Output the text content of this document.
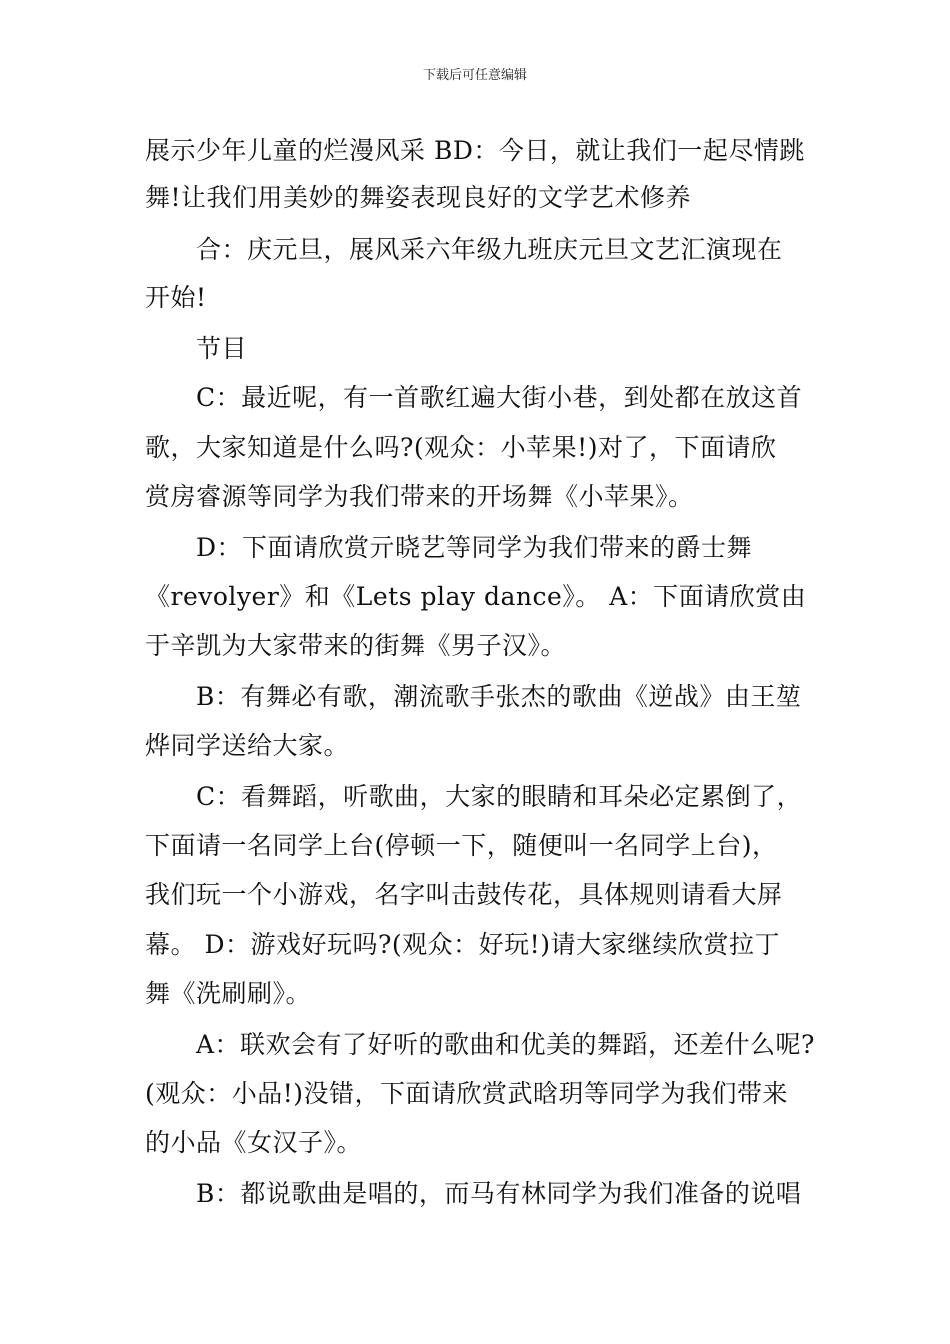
下载后可任意编辑
展示少年儿童的烂漫风采 BD：今日，就让我们一起尽情跳
舞!让我们用美妙的舞姿表现良好的文学艺术修养
合：庆元旦，展风采六年级九班庆元旦文艺汇演现在
开始!
节目
C：最近呢，有一首歌红遍大街小巷，到处都在放这首
歌，大家知道是什么吗?(观众：小苹果!)对了，下面请欣
赏房睿源等同学为我们带来的开场舞《小苹果》。
D：下面请欣赏亓晓艺等同学为我们带来的爵士舞
《revolyer》和《Lets play dance》。 A：下面请欣赏由
于辛凯为大家带来的街舞《男子汉》。
B：有舞必有歌，潮流歌手张杰的歌曲《逆战》由王堃
烨同学送给大家。
C：看舞蹈，听歌曲，大家的眼睛和耳朵必定累倒了，
下面请一名同学上台(停顿一下，随便叫一名同学上台)，
我们玩一个小游戏，名字叫击鼓传花，具体规则请看大屏
幕。 D：游戏好玩吗?(观众：好玩!)请大家继续欣赏拉丁
舞《洗刷刷》。
A：联欢会有了好听的歌曲和优美的舞蹈，还差什么呢?
(观众：小品!)没错，下面请欣赏武晗玥等同学为我们带来
的小品《女汉子》。
B：都说歌曲是唱的，而马有林同学为我们准备的说唱
